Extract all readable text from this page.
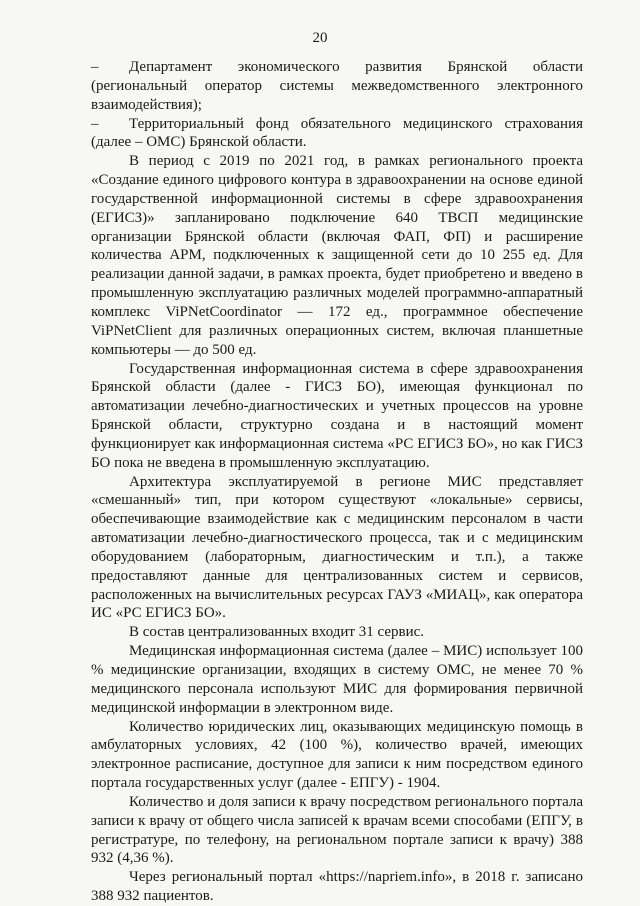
20

– Департамент экономического развития Брянской области (региональный оператор системы межведомственного электронного взаимодействия);

– Территориальный фонд обязательного медицинского страхования (далее – ОМС) Брянской области.

В период с 2019 по 2021 год, в рамках регионального проекта «Создание единого цифрового контура в здравоохранении на основе единой государственной информационной системы в сфере здравоохранения (ЕГИСЗ)» запланировано подключение 640 ТВСП медицинские организации Брянской области (включая ФАП, ФП) и расширение количества АРМ, подключенных к защищенной сети до 10 255 ед. Для реализации данной задачи, в рамках проекта, будет приобретено и введено в промышленную эксплуатацию различных моделей программно-аппаратный комплекс ViPNetCoordinator — 172 ед., программное обеспечение ViPNetClient для различных операционных систем, включая планшетные компьютеры — до 500 ед.

Государственная информационная система в сфере здравоохранения Брянской области (далее - ГИСЗ БО), имеющая функционал по автоматизации лечебно-диагностических и учетных процессов на уровне Брянской области, структурно создана и в настоящий момент функционирует как информационная система «РС ЕГИСЗ БО», но как ГИСЗ БО пока не введена в промышленную эксплуатацию.

Архитектура эксплуатируемой в регионе МИС представляет «смешанный» тип, при котором существуют «локальные» сервисы, обеспечивающие взаимодействие как с медицинским персоналом в части автоматизации лечебно-диагностического процесса, так и с медицинским оборудованием (лабораторным, диагностическим и т.п.), а также предоставляют данные для централизованных систем и сервисов, расположенных на вычислительных ресурсах ГАУЗ «МИАЦ», как оператора ИС «РС ЕГИСЗ БО».

В состав централизованных входит 31 сервис.

Медицинская информационная система (далее – МИС) использует 100 % медицинские организации, входящих в систему ОМС, не менее 70 % медицинского персонала используют МИС для формирования первичной медицинской информации в электронном виде.

Количество юридических лиц, оказывающих медицинскую помощь в амбулаторных условиях, 42 (100 %), количество врачей, имеющих электронное расписание, доступное для записи к ним посредством единого портала государственных услуг (далее - ЕПГУ) - 1904.

Количество и доля записи к врачу посредством регионального портала записи к врачу от общего числа записей к врачам всеми способами (ЕПГУ, в регистратуре, по телефону, на региональном портале записи к врачу) 388 932 (4,36 %).

Через региональный портал «https://napriem.info», в 2018 г. записано 388 932 пациентов.
